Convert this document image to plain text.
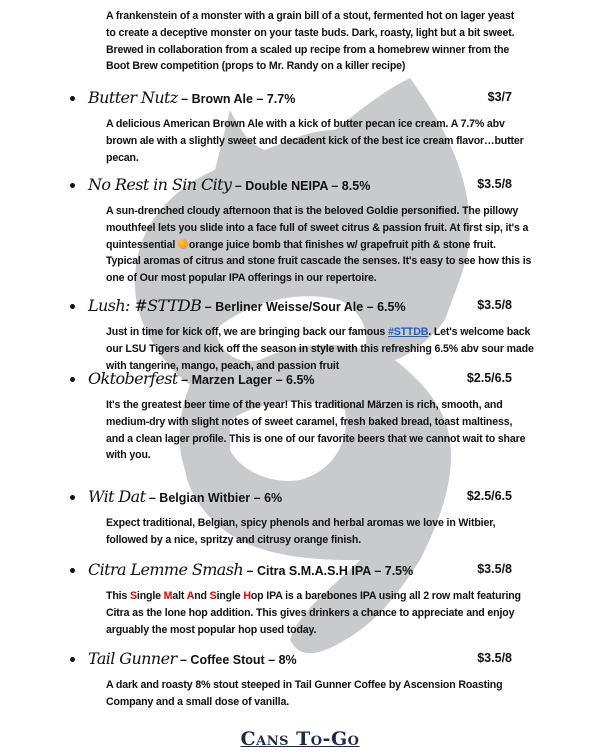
A frankenstein of a monster with a grain bill of a stout, fermented hot on lager yeast
to create a deceptive monster on your taste buds. Dark, roasty, light but a bit sweet.
Brewed in collaboration from a scaled up recipe from a homebrew winner from the
Boot Brew competition (props to Mr. Randy on a killer recipe)
Butter Nutz – Brown Ale – 7.7%	$3/7
A delicious American Brown Ale with a kick of butter pecan ice cream. A 7.7% abv
brown ale with a slightly sweet and decadent kick of the best ice cream flavor…butter
pecan.
No Rest in Sin City – Double NEIPA – 8.5%	$3.5/8
A sun-drenched cloudy afternoon that is the beloved Goldie personified. The pillowy
mouthfeel lets you slide into a face full of sweet citrus & passion fruit. At first sip, it's a
quintessential orange juice bomb that finishes w/ grapefruit pith & stone fruit.
Typical aromas of citrus and stone fruit cascade the senses. It's easy to see how this is
one of Our most popular IPA offerings in our repertoire.
Lush: #STTDB – Berliner Weisse/Sour Ale – 6.5%	$3.5/8
Just in time for kick off, we are bringing back our famous #STTDB. Let's welcome back
our LSU Tigers and kick off the season in style with this refreshing 6.5% abv sour made
with tangerine, mango, peach, and passion fruit
Oktoberfest – Marzen Lager – 6.5%	$2.5/6.5
It's the greatest beer time of the year! This traditional Märzen is rich, smooth, and
medium-dry with slight notes of sweet caramel, fresh baked bread, toast maltiness,
and a clean lager profile. This is one of our favorite beers that we cannot wait to share
with you.
Wit Dat – Belgian Witbier – 6%	$2.5/6.5
Expect traditional, Belgian, spicy phenols and herbal aromas we love in Witbier,
followed by a nice, spritzy and citrusy orange finish.
Citra Lemme Smash – Citra S.M.A.S.H IPA – 7.5%	$3.5/8
This Single Malt And Single Hop IPA is a barebones IPA using all 2 row malt featuring
Citra as the lone hop addition. This gives drinkers a chance to appreciate and enjoy
arguably the most popular hop used today.
Tail Gunner – Coffee Stout – 8%	$3.5/8
A dark and roasty 8% stout steeped in Tail Gunner Coffee by Ascension Roasting
Company and a small dose of vanilla.
Cans To-Go
